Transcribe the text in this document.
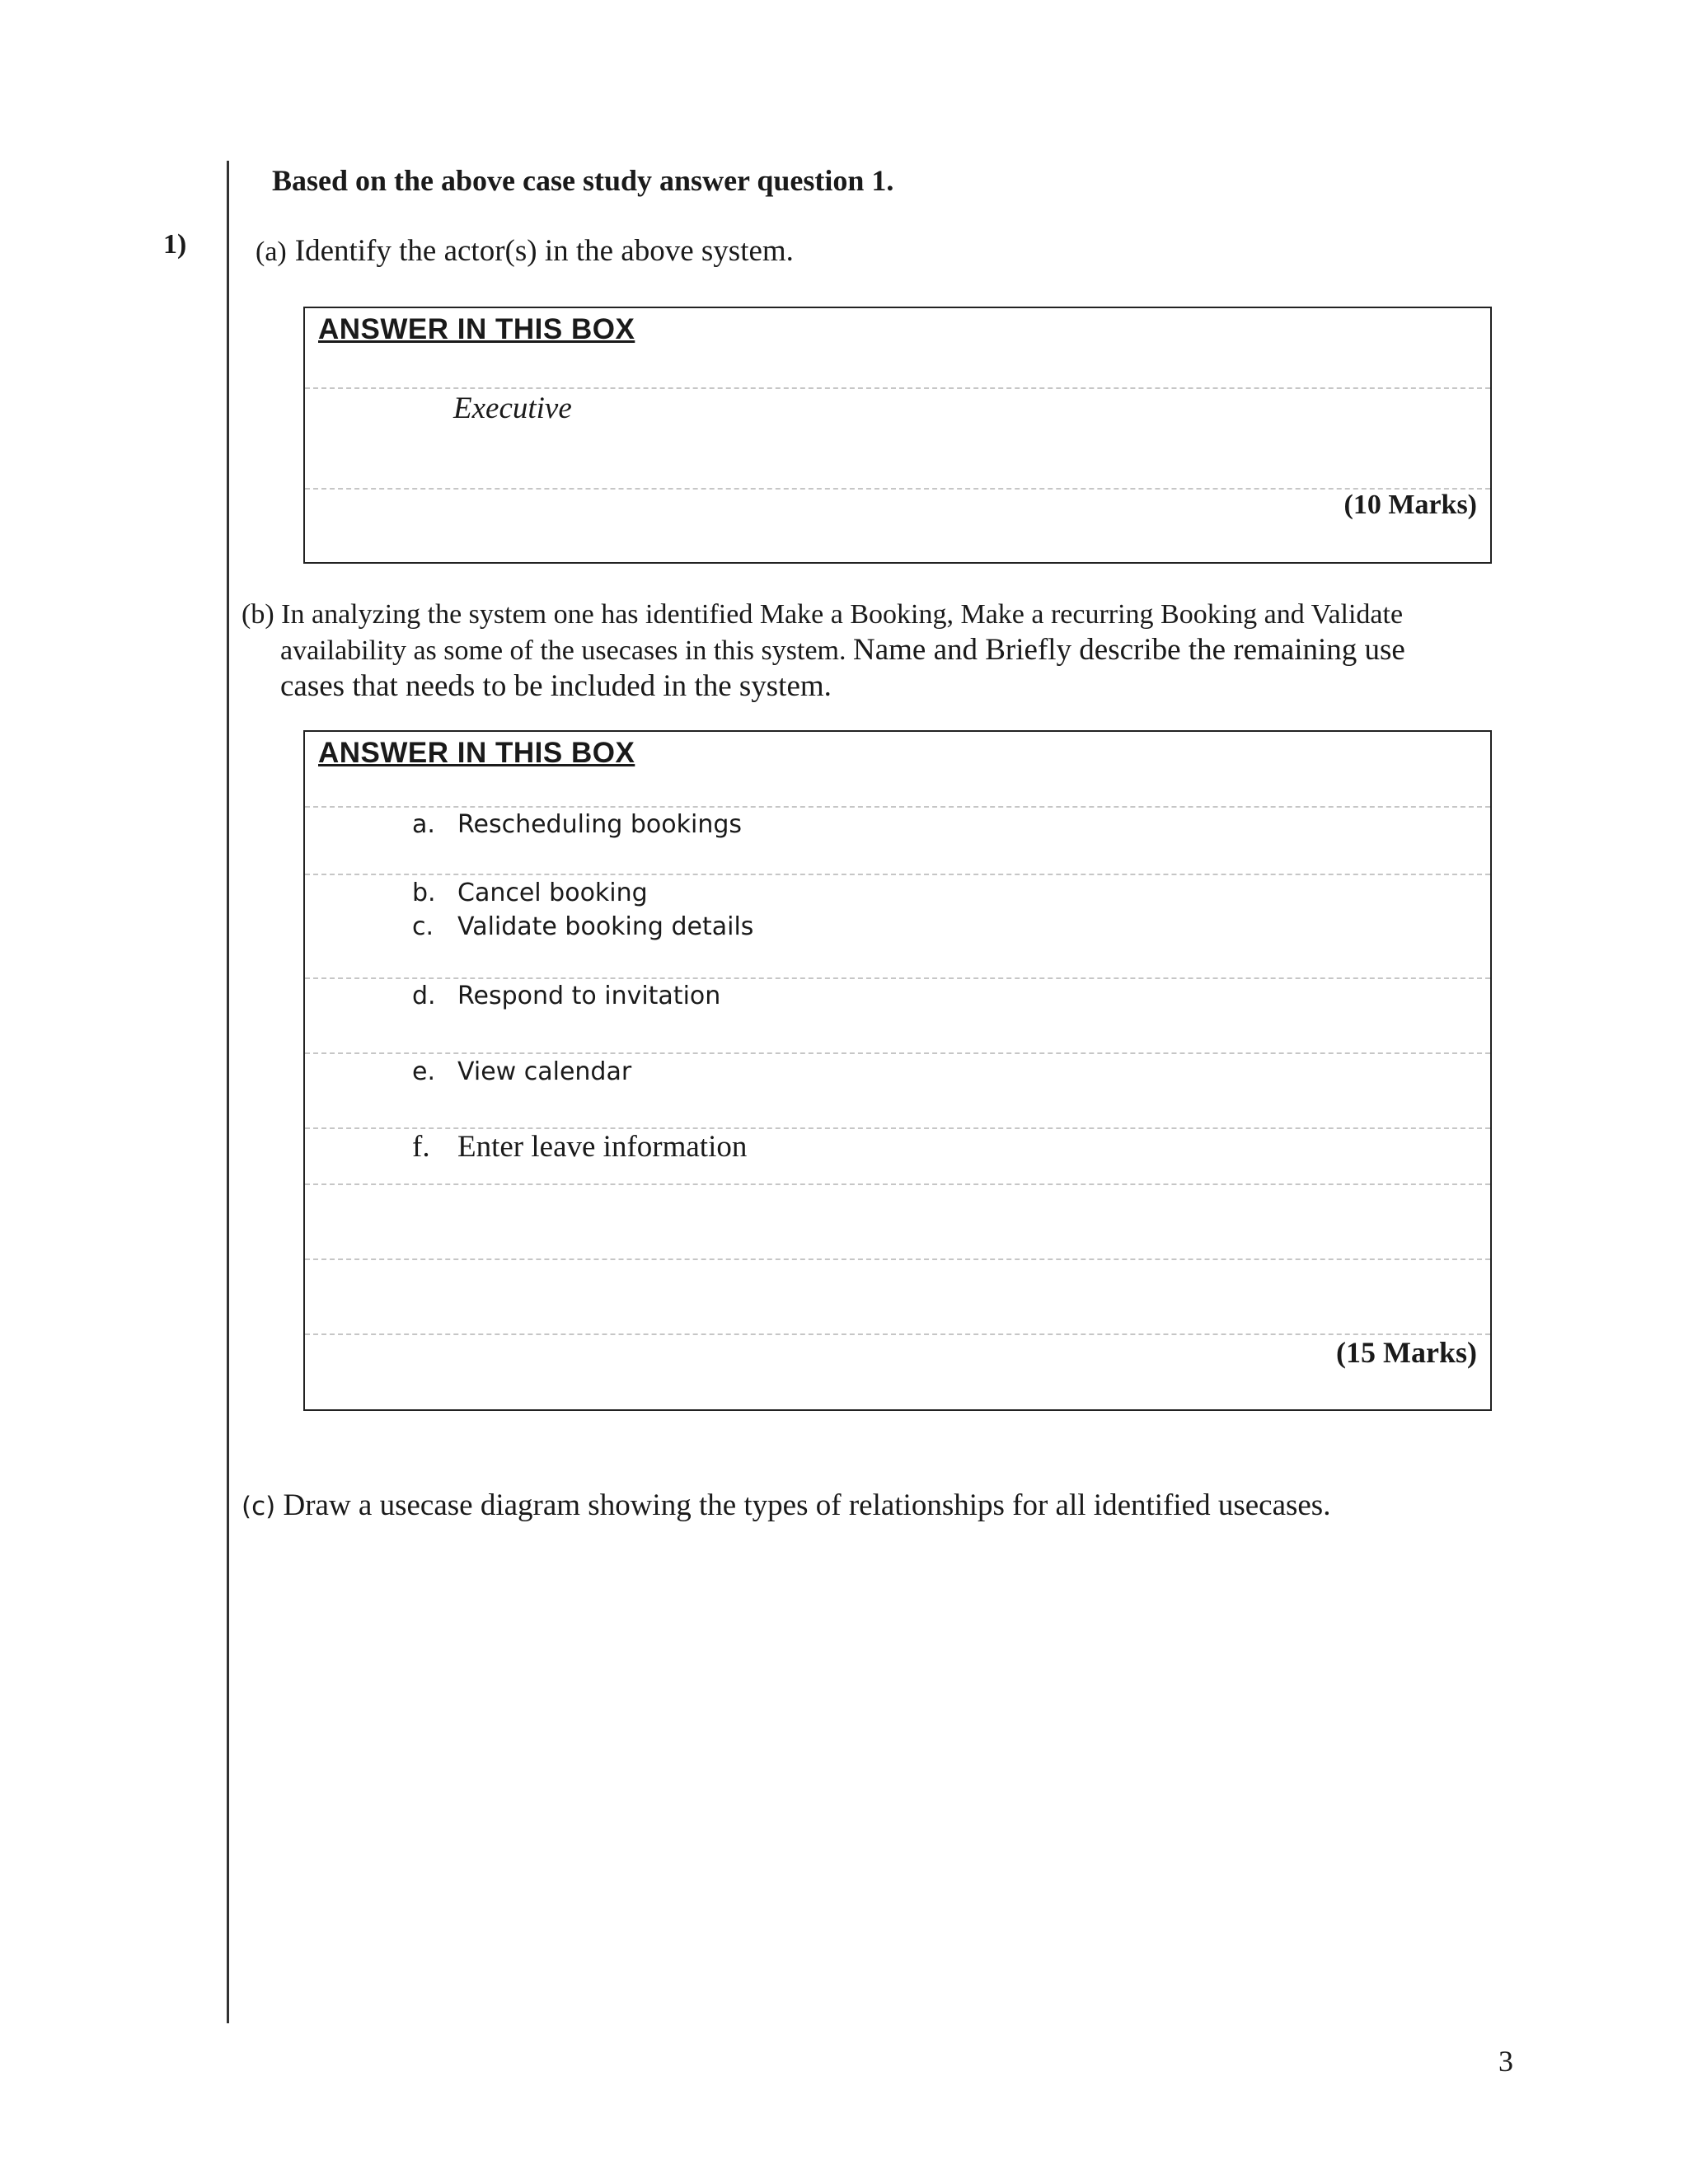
1)
Based on the above case study answer question 1.
(a) Identify the actor(s) in the above system.
ANSWER IN THIS BOX
Executive
(10 Marks)
(b) In analyzing the system one has identified Make a Booking, Make a recurring Booking and Validate
availability as some of the usecases in this system. Name and Briefly describe the remaining use
cases that needs to be included in the system.
ANSWER IN THIS BOX
a. Rescheduling bookings
b. Cancel booking
c. Validate booking details
d. Respond to invitation
e. View calendar
f. Enter leave information
(15 Marks)
(c) Draw a usecase diagram showing the types of relationships for all identified usecases.
3
